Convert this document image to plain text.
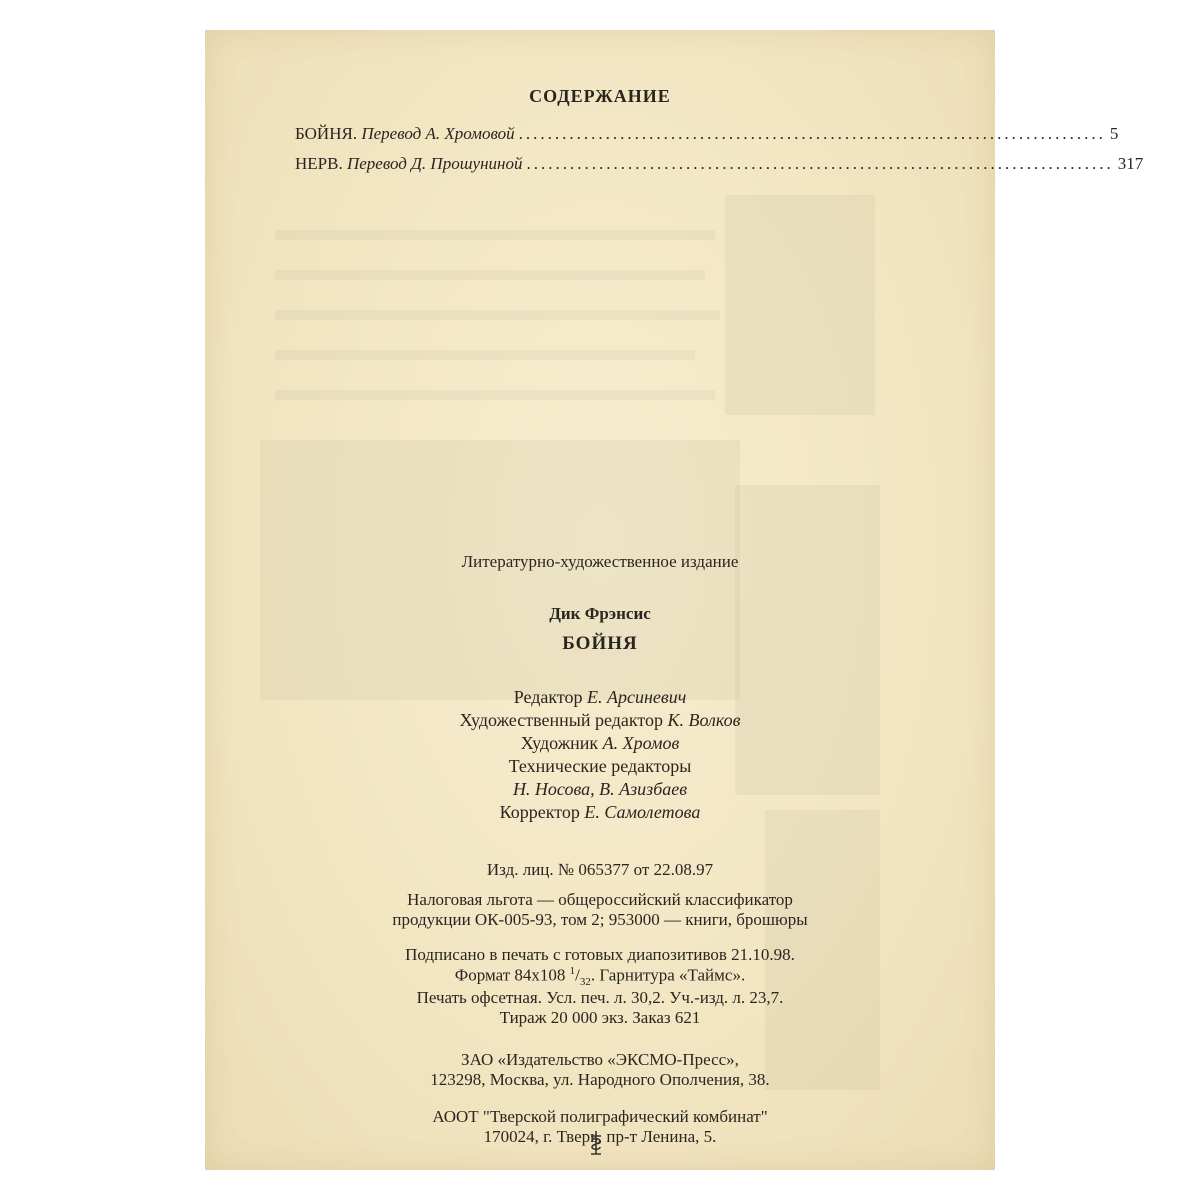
СОДЕРЖАНИЕ
БОЙНЯ. Перевод А. Хромовой ................................................................................. 5
НЕРВ. Перевод Д. Прошуниной ................................................................................. 317
Литературно-художественное издание
Дик Фрэнсис
БОЙНЯ
Редактор Е. Арсиневич
Художественный редактор К. Волков
Художник А. Хромов
Технические редакторы
Н. Носова, В. Азизбаев
Корректор Е. Самолетова
Изд. лиц. № 065377 от 22.08.97
Налоговая льгота — общероссийский классификатор
продукции ОК-005-93, том 2; 953000 — книги, брошюры
Подписано в печать с готовых диапозитивов 21.10.98.
Формат 84x108 $^1/_{32}$. Гарнитура «Таймс».
Печать офсетная. Усл. печ. л. 30,2. Уч.-изд. л. 23,7.
Тираж 20 000 экз. Заказ 621
ЗАО «Издательство «ЭКСМО-Пресс»,
123298, Москва, ул. Народного Ополчения, 38.
АООТ "Тверской полиграфический комбинат"
170024, г. Тверь, пр-т Ленина, 5.
